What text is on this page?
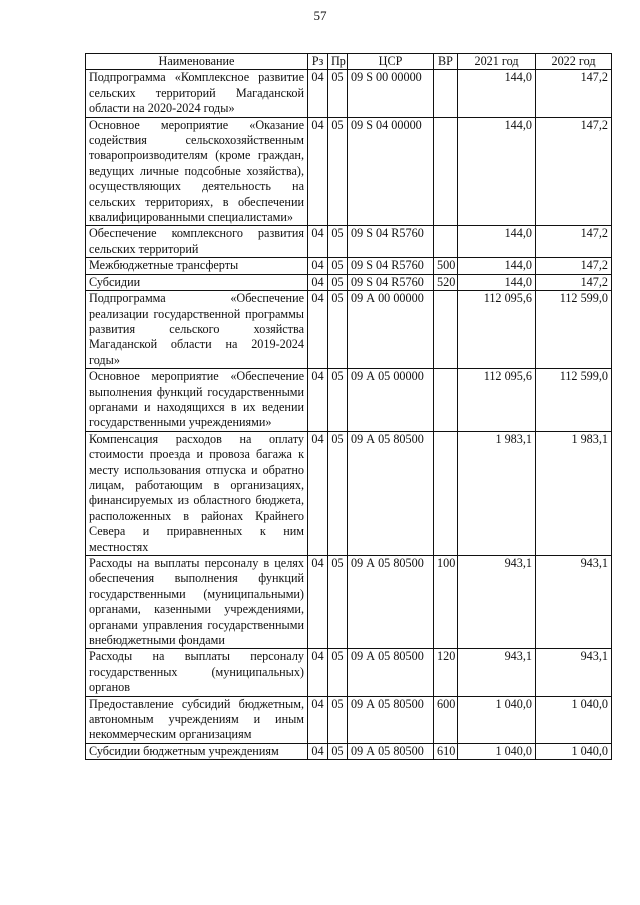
57
Наименование	Рз	Пр	ЦСР	ВР	2021 год	2022 год
Подпрограмма «Комплексное развитие сельских территорий Магаданской области на 2020-2024 годы»	04	05	09 S 00 00000		144,0	147,2
Основное мероприятие «Оказание содействия сельскохозяйственным товаропроизводителям (кроме граждан, ведущих личные подсобные хозяйства), осуществляющих деятельность на сельских территориях, в обеспечении квалифицированными специалистами»	04	05	09 S 04 00000		144,0	147,2
Обеспечение комплексного развития сельских территорий	04	05	09 S 04 R5760		144,0	147,2
Межбюджетные трансферты	04	05	09 S 04 R5760	500	144,0	147,2
Субсидии	04	05	09 S 04 R5760	520	144,0	147,2
Подпрограмма «Обеспечение реализации государственной программы развития сельского хозяйства Магаданской области на 2019-2024 годы»	04	05	09 А 00 00000		112 095,6	112 599,0
Основное мероприятие «Обеспечение выполнения функций государственными органами и находящихся в их ведении государственными учреждениями»	04	05	09 А 05 00000		112 095,6	112 599,0
Компенсация расходов на оплату стоимости проезда и провоза багажа к месту использования отпуска и обратно лицам, работающим в организациях, финансируемых из областного бюджета, расположенных в районах Крайнего Севера и приравненных к ним местностях	04	05	09 А 05 80500		1 983,1	1 983,1
Расходы на выплаты персоналу в целях обеспечения выполнения функций государственными (муниципальными) органами, казенными учреждениями, органами управления государственными внебюджетными фондами	04	05	09 А 05 80500	100	943,1	943,1
Расходы на выплаты персоналу государственных (муниципальных) органов	04	05	09 А 05 80500	120	943,1	943,1
Предоставление субсидий бюджетным, автономным учреждениям и иным некоммерческим организациям	04	05	09 А 05 80500	600	1 040,0	1 040,0
Субсидии бюджетным учреждениям	04	05	09 А 05 80500	610	1 040,0	1 040,0
